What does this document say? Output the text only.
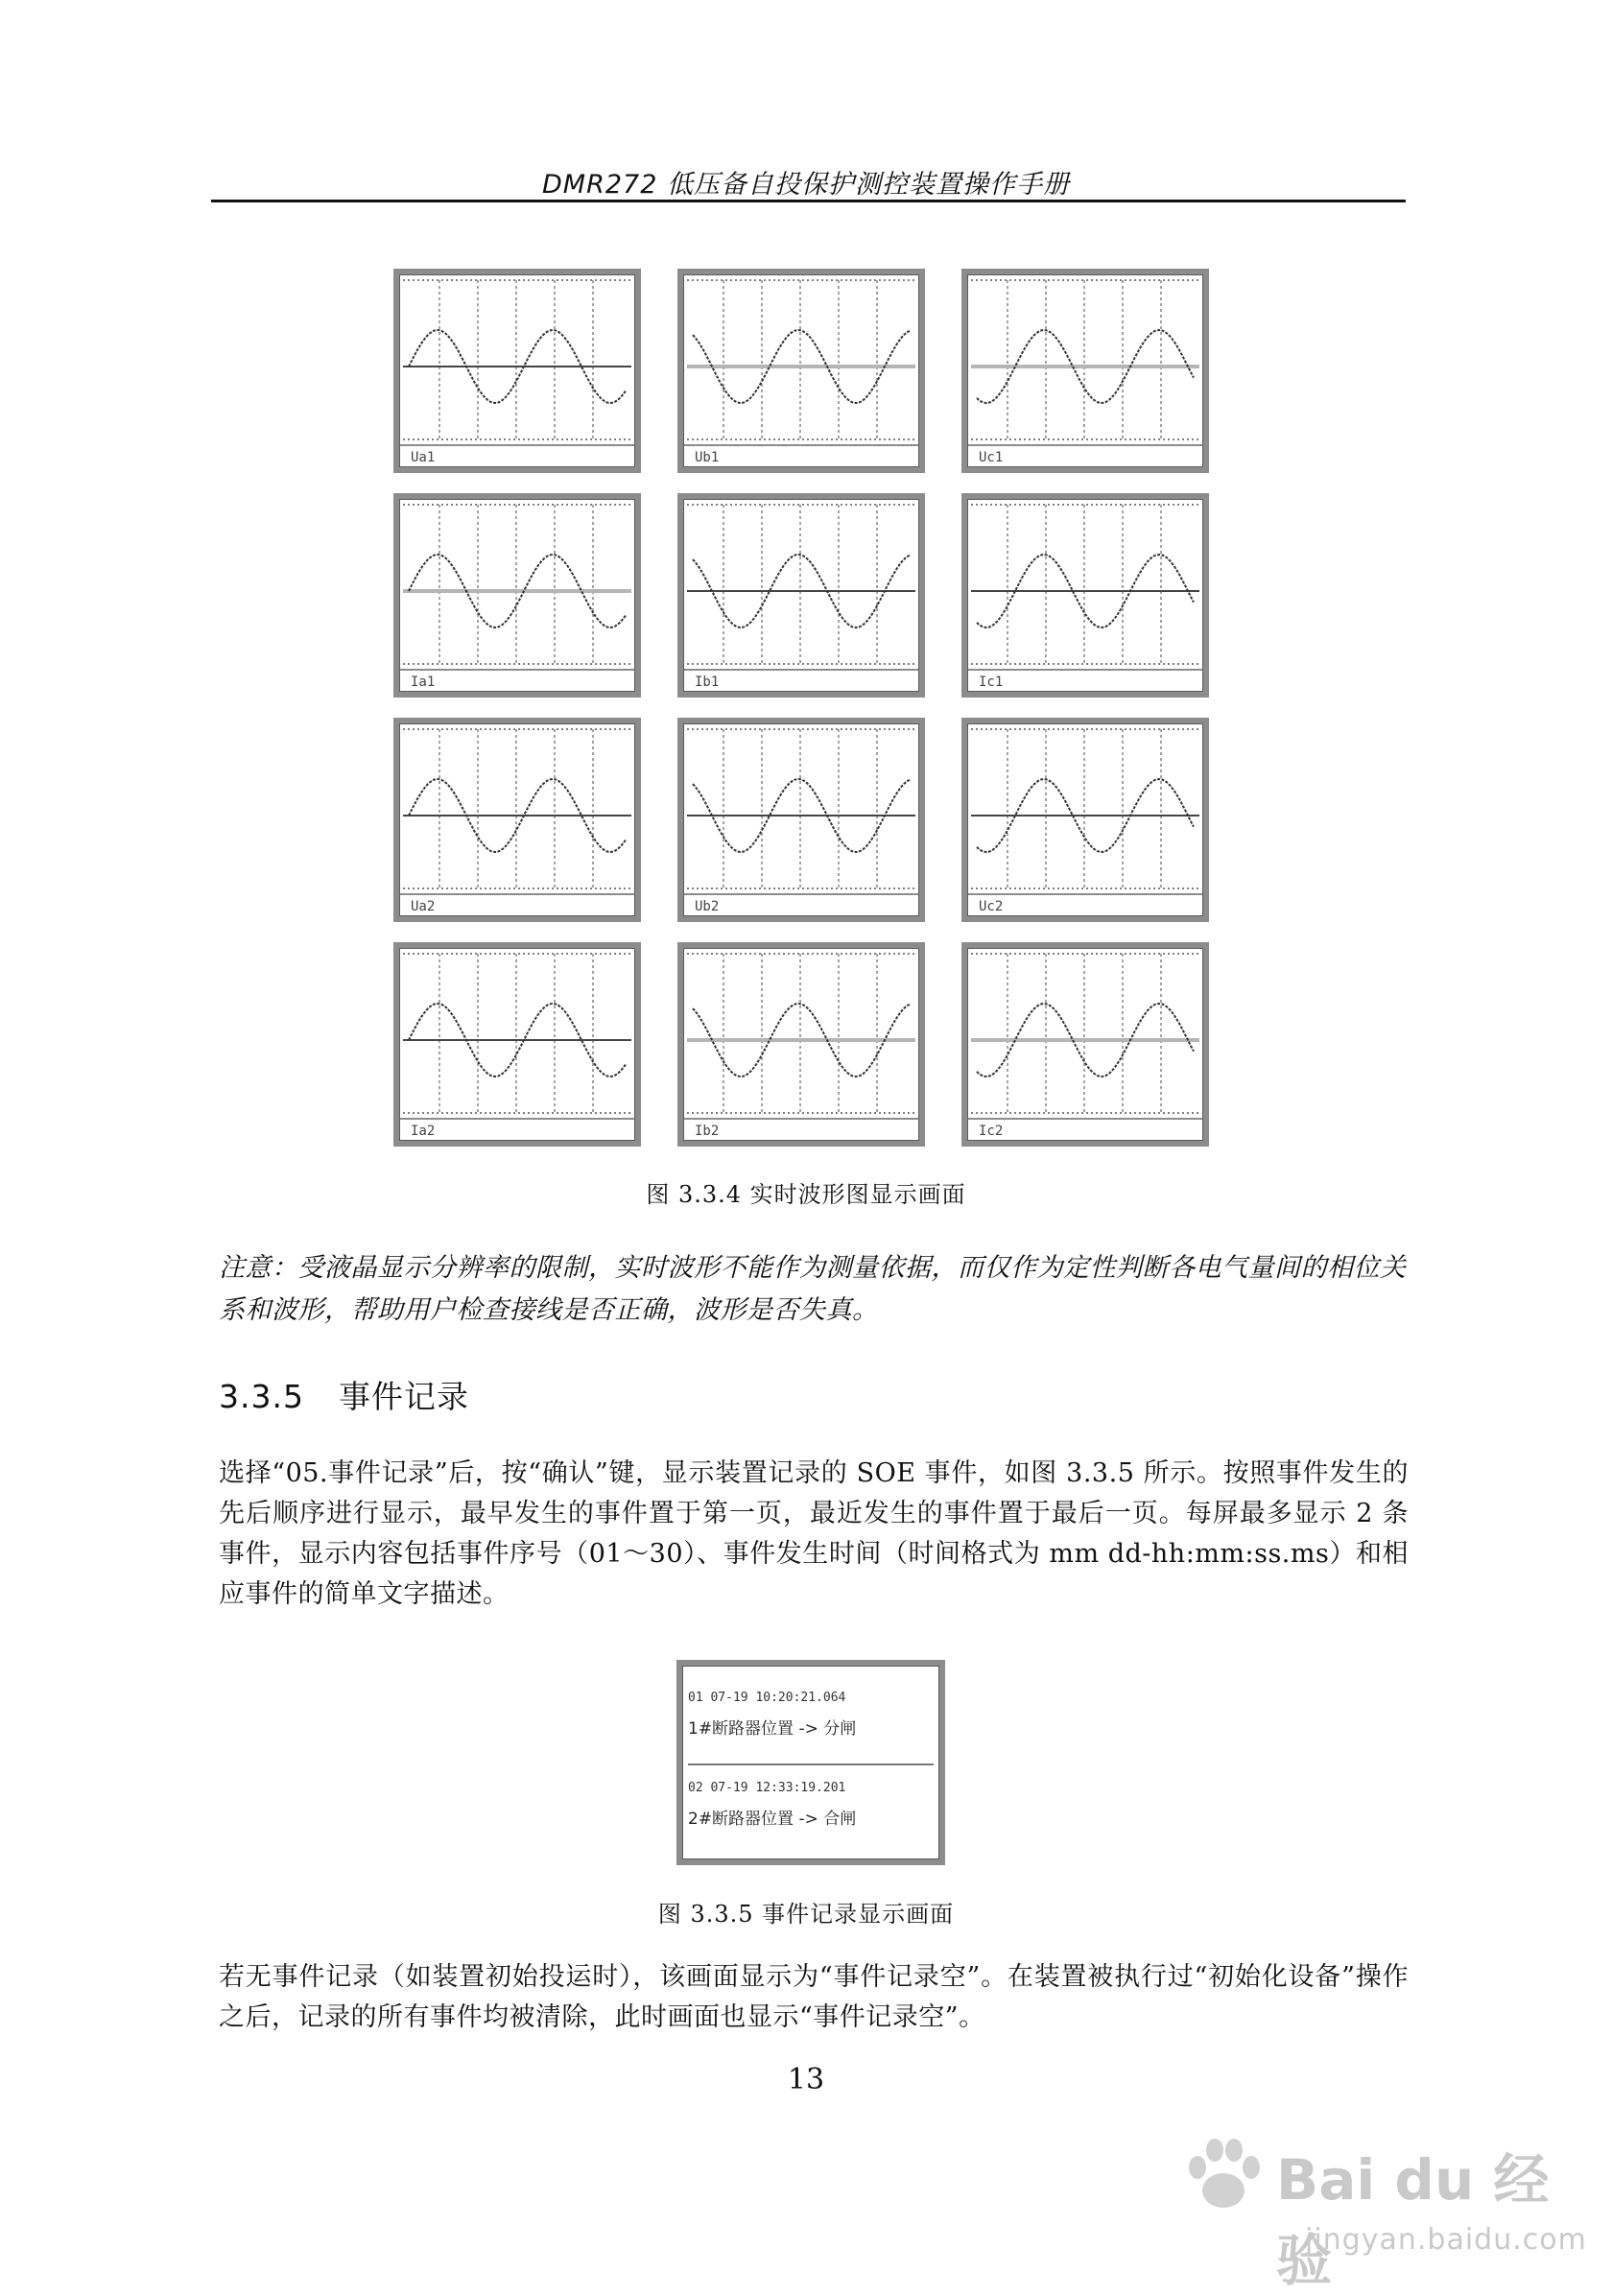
DMR272 低压备自投保护测控装置操作手册
Ua1	Ub1	Uc1
Ia1	Ib1	Ic1
Ua2	Ub2	Uc2
Ia2	Ib2	Ic2
图 3.3.4 实时波形图显示画面
注意：受液晶显示分辨率的限制，实时波形不能作为测量依据，而仅作为定性判断各电气量间的相位关系和波形，帮助用户检查接线是否正确，波形是否失真。
3.3.5 事件记录
选择“05.事件记录”后，按“确认”键，显示装置记录的 SOE 事件，如图 3.3.5 所示。按照事件发生的先后顺序进行显示，最早发生的事件置于第一页，最近发生的事件置于最后一页。每屏最多显示 2 条事件，显示内容包括事件序号（01～30）、事件发生时间（时间格式为 mm dd-hh:mm:ss.ms）和相应事件的简单文字描述。
01 07-19 10:20:21.064
1#断路器位置 -> 分闸
02 07-19 12:33:19.201
2#断路器位置 -> 合闸
图 3.3.5 事件记录显示画面
若无事件记录（如装置初始投运时），该画面显示为“事件记录空”。在装置被执行过“初始化设备”操作之后，记录的所有事件均被清除，此时画面也显示“事件记录空”。
13
Bai du 经验
jingyan.baidu.com
